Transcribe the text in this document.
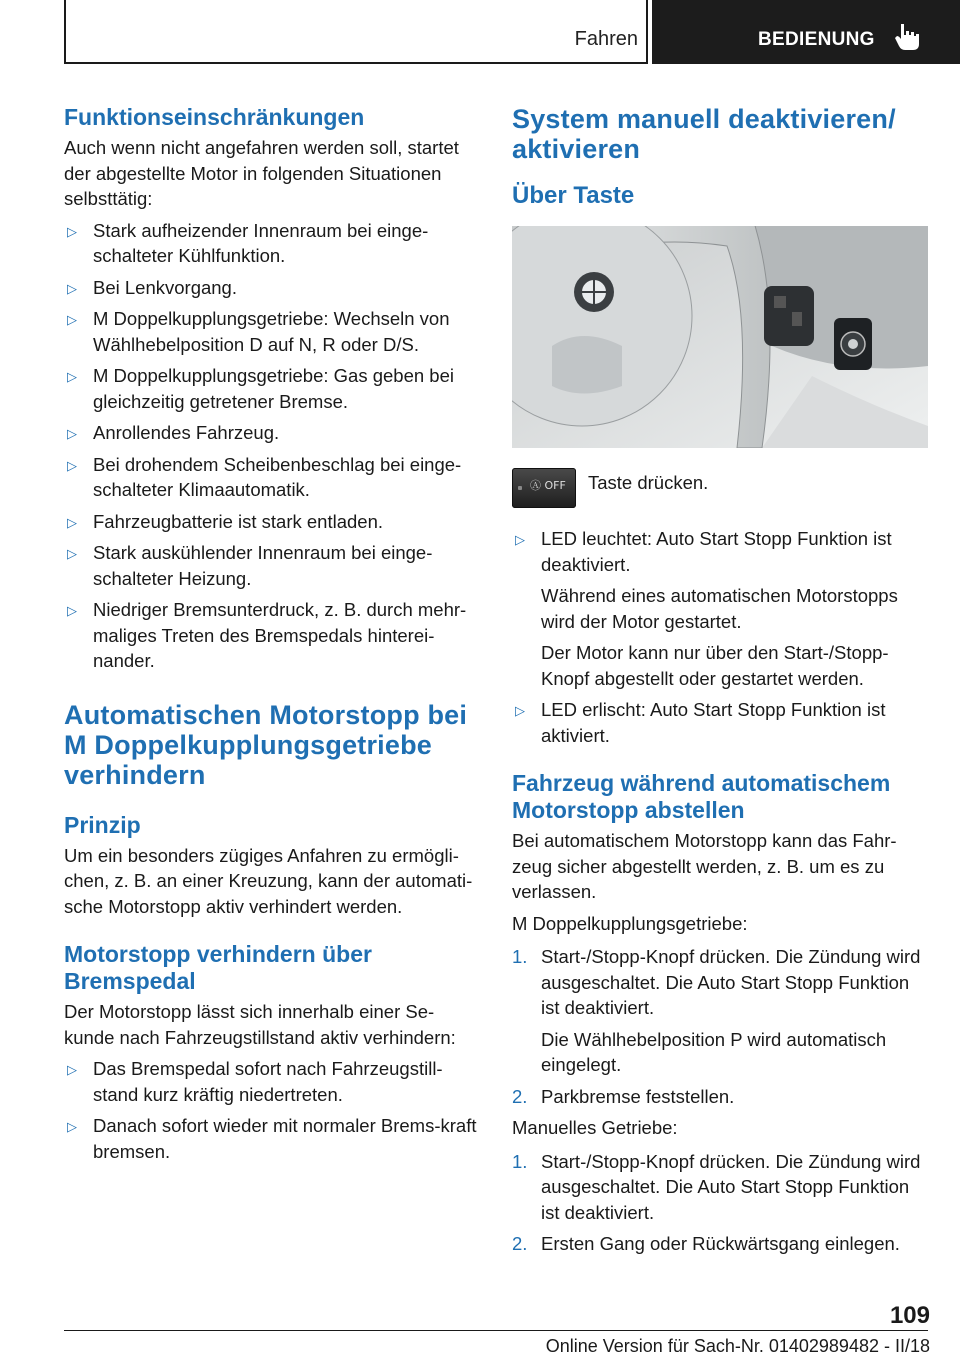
Fahren	BEDIENUNG
Funktionseinschränkungen

Auch wenn nicht angefahren werden soll, startet der abgestellte Motor in folgenden Situationen selbsttätig:

▷ Stark aufheizender Innenraum bei einge-schalteter Kühlfunktion.
▷ Bei Lenkvorgang.
▷ M Doppelkupplungsgetriebe: Wechseln von Wählhebelposition D auf N, R oder D/S.
▷ M Doppelkupplungsgetriebe: Gas geben bei gleichzeitig getretener Bremse.
▷ Anrollendes Fahrzeug.
▷ Bei drohendem Scheibenbeschlag bei einge-schalteter Klimaautomatik.
▷ Fahrzeugbatterie ist stark entladen.
▷ Stark auskühlender Innenraum bei einge-schalteter Heizung.
▷ Niedriger Bremsunterdruck, z. B. durch mehr-maliges Treten des Bremspedals hinterei-nander.
Automatischen Motorstopp bei M Doppelkupplungsgetriebe verhindern
Prinzip

Um ein besonders zügiges Anfahren zu ermögli-chen, z. B. an einer Kreuzung, kann der automati-sche Motorstopp aktiv verhindert werden.

Motorstopp verhindern über Bremspedal

Der Motorstopp lässt sich innerhalb einer Se-kunde nach Fahrzeugstillstand aktiv verhindern:

▷ Das Bremspedal sofort nach Fahrzeugstill-stand kurz kräftig niedertreten.
▷ Danach sofort wieder mit normaler Brems-kraft bremsen.
System manuell deaktivieren/ aktivieren
Über Taste
Ⓐ OFF Taste drücken.
▷ LED leuchtet: Auto Start Stopp Funktion ist deaktiviert.
Während eines automatischen Motorstopps wird der Motor gestartet.
Der Motor kann nur über den Start-/Stopp-Knopf abgestellt oder gestartet werden.
▷ LED erlischt: Auto Start Stopp Funktion ist aktiviert.
Fahrzeug während automatischem Motorstopp abstellen

Bei automatischem Motorstopp kann das Fahr-zeug sicher abgestellt werden, z. B. um es zu verlassen.

M Doppelkupplungsgetriebe:

1. Start-/Stopp-Knopf drücken. Die Zündung wird ausgeschaltet. Die Auto Start Stopp Funktion ist deaktiviert.
Die Wählhebelposition P wird automatisch eingelegt.
2. Parkbremse feststellen.

Manuelles Getriebe:

1. Start-/Stopp-Knopf drücken. Die Zündung wird ausgeschaltet. Die Auto Start Stopp Funktion ist deaktiviert.
2. Ersten Gang oder Rückwärtsgang einlegen.
109
Online Version für Sach-Nr. 01402989482 - II/18
